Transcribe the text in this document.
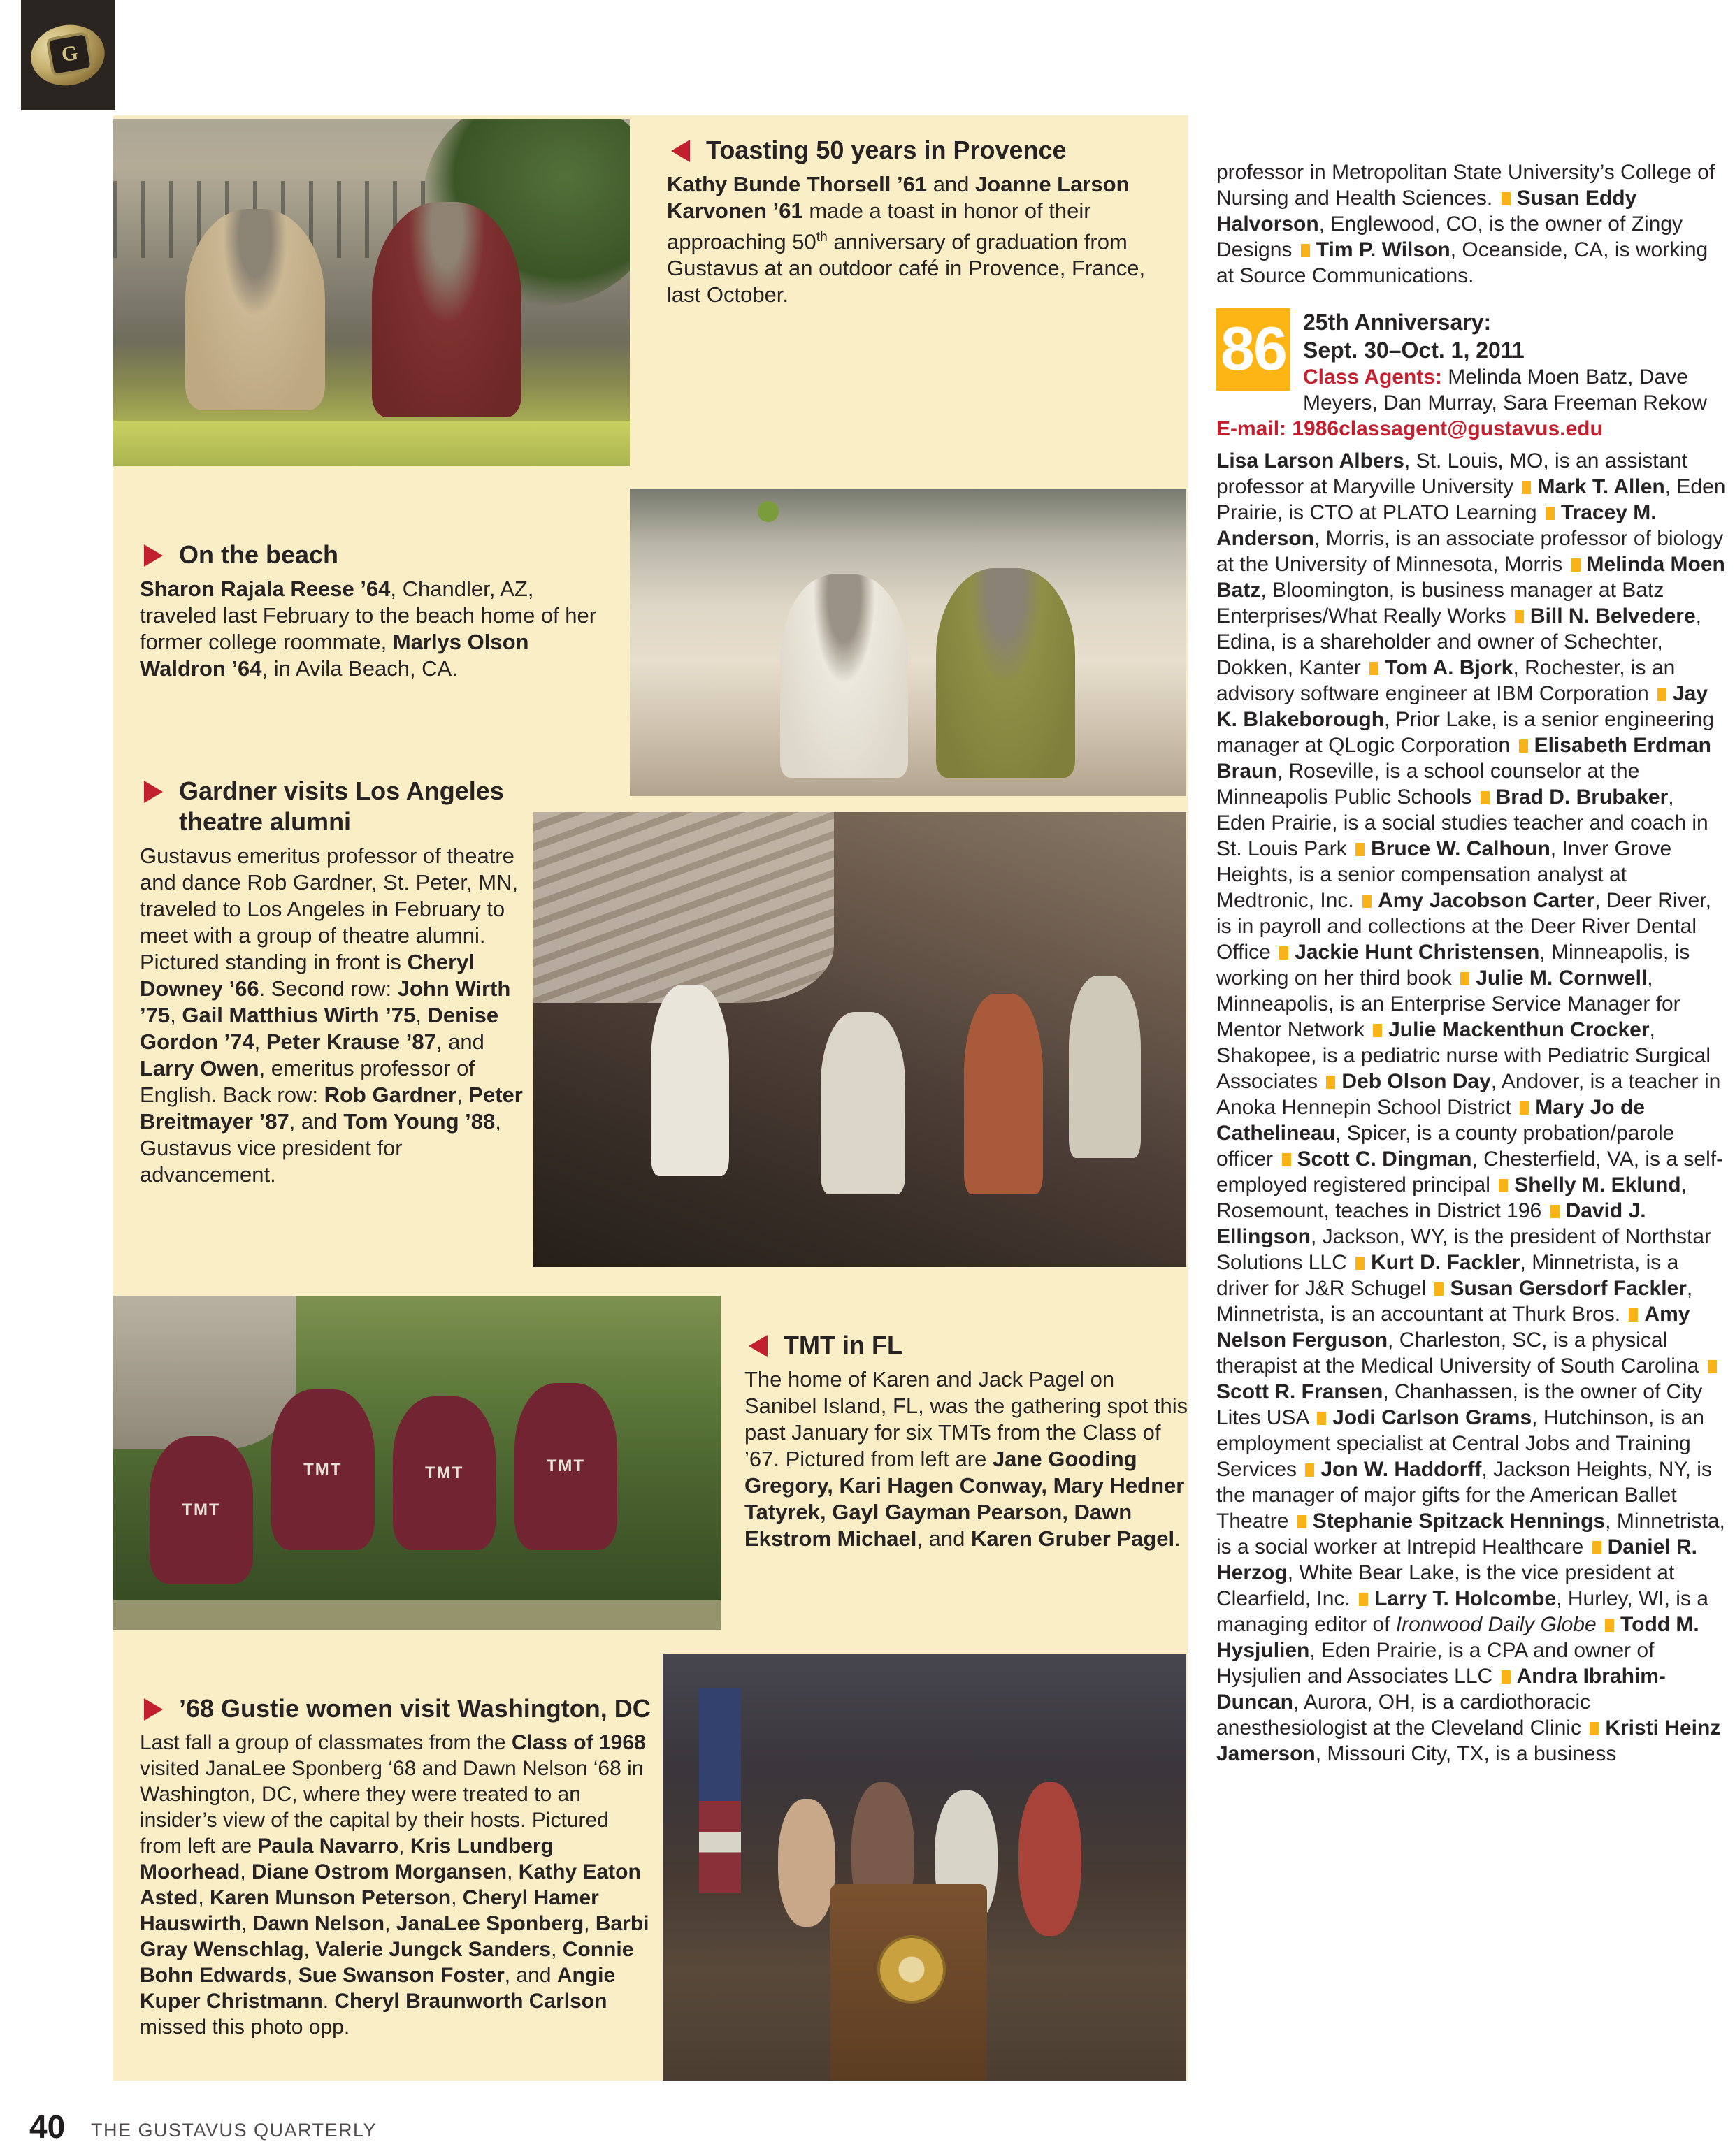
G
Toasting 50 years in Provence

Kathy Bunde Thorsell ’61 and Joanne Larson Karvonen ’61 made a toast in honor of their approaching 50th anniversary of graduation from Gustavus at an outdoor café in Provence, France, last October.

On the beach

Sharon Rajala Reese ’64, Chandler, AZ, traveled last February to the beach home of her former college roommate, Marlys Olson Waldron ’64, in Avila Beach, CA.

Gardner visits Los Angeles theatre alumni

Gustavus emeritus professor of theatre and dance Rob Gardner, St. Peter, MN, traveled to Los Angeles in February to meet with a group of theatre alumni. Pictured standing in front is Cheryl Downey ’66. Second row: John Wirth ’75, Gail Matthius Wirth ’75, Denise Gordon ’74, Peter Krause ’87, and Larry Owen, emeritus professor of English. Back row: Rob Gardner, Peter Breitmayer ’87, and Tom Young ’88, Gustavus vice president for advancement.

TMT
TMT	TMT	TMT
TMT in FL

The home of Karen and Jack Pagel on Sanibel Island, FL, was the gathering spot this past January for six TMTs from the Class of ’67. Pictured from left are Jane Gooding Gregory, Kari Hagen Conway, Mary Hedner Tatyrek, Gayl Gayman Pearson, Dawn Ekstrom Michael, and Karen Gruber Pagel.

’68 Gustie women visit Washington, DC

Last fall a group of classmates from the Class of 1968 visited JanaLee Sponberg ‘68 and Dawn Nelson ‘68 in Washington, DC, where they were treated to an insider’s view of the capital by their hosts. Pictured from left are Paula Navarro, Kris Lundberg Moorhead, Diane Ostrom Morgansen, Kathy Eaton Asted, Karen Munson Peterson, Cheryl Hamer Hauswirth, Dawn Nelson, JanaLee Sponberg, Barbi Gray Wenschlag, Valerie Jungck Sanders, Connie Bohn Edwards, Sue Swanson Foster, and Angie Kuper Christmann. Cheryl Braunworth Carlson missed this photo opp.

professor in Metropolitan State University’s College of Nursing and Health Sciences. Susan Eddy Halvorson, Englewood, CO, is the owner of Zingy Designs Tim P. Wilson, Oceanside, CA, is working at Source Communications.

86 25th Anniversary:
Sept. 30–Oct. 1, 2011

Class Agents: Melinda Moen Batz, Dave Meyers, Dan Murray, Sara Freeman Rekow

E-mail: 1986classagent@gustavus.edu

Lisa Larson Albers, St. Louis, MO, is an assistant professor at Maryville University Mark T. Allen, Eden Prairie, is CTO at PLATO Learning Tracey M. Anderson, Morris, is an associate professor of biology at the University of Minnesota, Morris Melinda Moen Batz, Bloomington, is business manager at Batz Enterprises/What Really Works Bill N. Belvedere, Edina, is a shareholder and owner of Schechter, Dokken, Kanter Tom A. Bjork, Rochester, is an advisory software engineer at IBM Corporation Jay K. Blakeborough, Prior Lake, is a senior engineering manager at QLogic Corporation Elisabeth Erdman Braun, Roseville, is a school counselor at the Minneapolis Public Schools Brad D. Brubaker, Eden Prairie, is a social studies teacher and coach in St. Louis Park Bruce W. Calhoun, Inver Grove Heights, is a senior compensation analyst at Medtronic, Inc. Amy Jacobson Carter, Deer River, is in payroll and collections at the Deer River Dental Office Jackie Hunt Christensen, Minneapolis, is working on her third book Julie M. Cornwell, Minneapolis, is an Enterprise Service Manager for Mentor Network Julie Mackenthun Crocker, Shakopee, is a pediatric nurse with Pediatric Surgical Associates Deb Olson Day, Andover, is a teacher in Anoka Hennepin School District Mary Jo de Cathelineau, Spicer, is a county probation/parole officer Scott C. Dingman, Chesterfield, VA, is a self-employed registered principal Shelly M. Eklund, Rosemount, teaches in District 196 David J. Ellingson, Jackson, WY, is the president of Northstar Solutions LLC Kurt D. Fackler, Minnetrista, is a driver for J&R Schugel Susan Gersdorf Fackler, Minnetrista, is an accountant at Thurk Bros. Amy Nelson Ferguson, Charleston, SC, is a physical therapist at the Medical University of South Carolina Scott R. Fransen, Chanhassen, is the owner of City Lites USA Jodi Carlson Grams, Hutchinson, is an employment specialist at Central Jobs and Training Services Jon W. Haddorff, Jackson Heights, NY, is the manager of major gifts for the American Ballet Theatre Stephanie Spitzack Hennings, Minnetrista, is a social worker at Intrepid Healthcare Daniel R. Herzog, White Bear Lake, is the vice president at Clearfield, Inc. Larry T. Holcombe, Hurley, WI, is a managing editor of Ironwood Daily Globe Todd M. Hysjulien, Eden Prairie, is a CPA and owner of Hysjulien and Associates LLC Andra Ibrahim-Duncan, Aurora, OH, is a cardiothoracic anesthesiologist at the Cleveland Clinic Kristi Heinz Jamerson, Missouri City, TX, is a business

40 THE GUSTAVUS QUARTERLY
